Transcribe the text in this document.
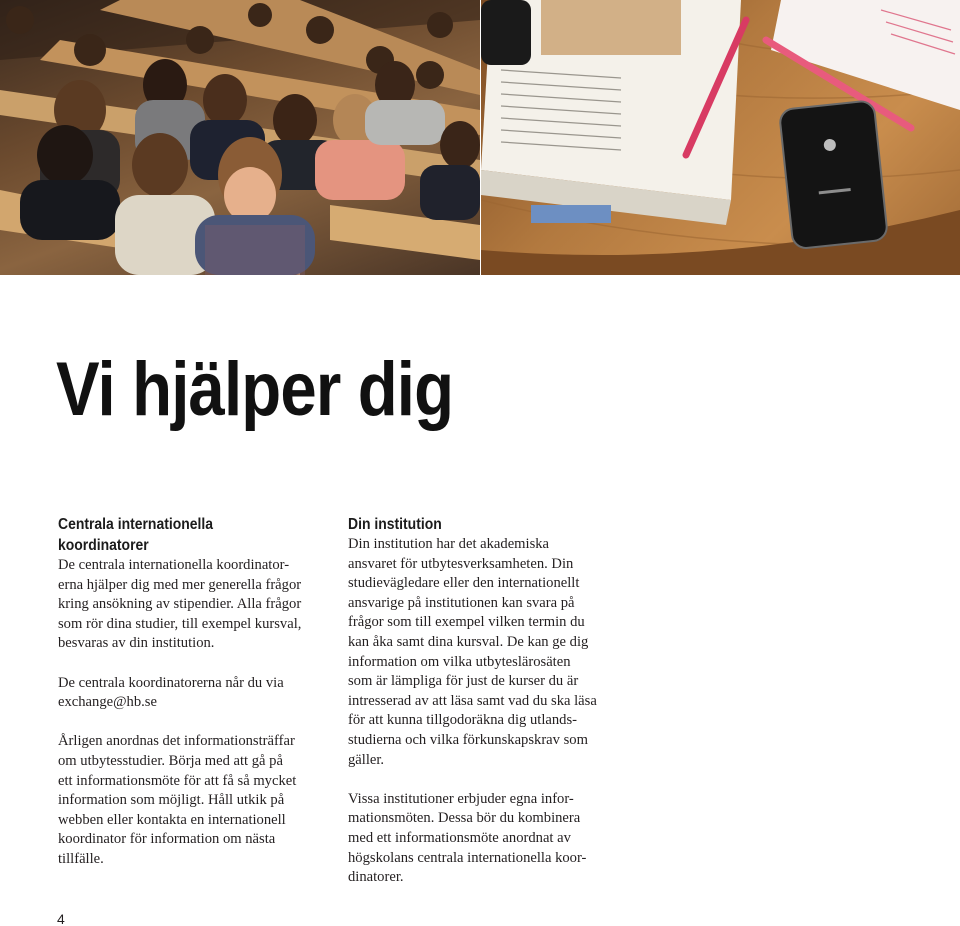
Vi hjälper dig
Centrala internationella
koordinatorer
De centrala internationella koordinator-
erna hjälper dig med mer generella frågor
kring ansökning av stipendier. Alla frågor
som rör dina studier, till exempel kursval,
besvaras av din institution.
De centrala koordinatorerna når du via
exchange@hb.se
Årligen anordnas det informationsträffar
om utbytesstudier. Börja med att gå på
ett informationsmöte för att få så mycket
information som möjligt. Håll utkik på
webben eller kontakta en internationell
koordinator för information om nästa
tillfälle.
Din institution
Din institution har det akademiska
ansvaret för utbytesverksamheten. Din
studievägledare eller den internationellt
ansvarige på institutionen kan svara på
frågor som till exempel vilken termin du
kan åka samt dina kursval. De kan ge dig
information om vilka utbyteslärosäten
som är lämpliga för just de kurser du är
intresserad av att läsa samt vad du ska läsa
för att kunna tillgodoräkna dig utlands-
studierna och vilka förkunskapskrav som
gäller.
Vissa institutioner erbjuder egna infor-
mationsmöten. Dessa bör du kombinera
med ett informationsmöte anordnat av
högskolans centrala internationella koor-
dinatorer.
4
